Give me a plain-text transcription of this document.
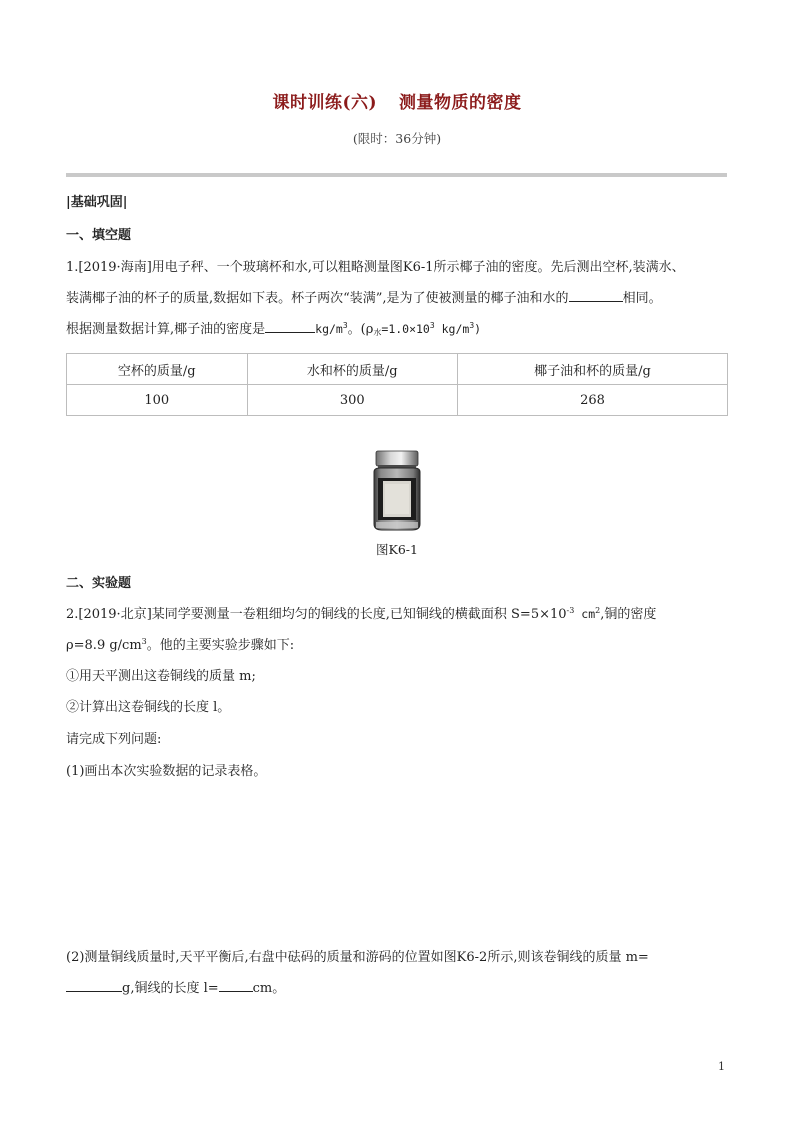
课时训练(六) 测量物质的密度
(限时：36分钟)
|基础巩固|
一、填空题
1.[2019·海南]用电子秤、一个玻璃杯和水,可以粗略测量图K6-1所示椰子油的密度。先后测出空杯,装满水、
装满椰子油的杯子的质量,数据如下表。杯子两次“装满”,是为了使被测量的椰子油和水的	相同。
根据测量数据计算,椰子油的密度是	$kg/m^3$。($\rho_水=1.0\times 10^3$ $kg/m^3$)
空杯的质量/g	水和杯的质量/g	椰子油和杯的质量/g
100	300	268
图K6-1
二、实验题
2.[2019·北京]某同学要测量一卷粗细均匀的铜线的长度,已知铜线的横截面积 $S=5\times 10^{-3}$ $cm^2$,铜的密度
ρ=8.9 $g/cm^3$。他的主要实验步骤如下:
①用天平测出这卷铜线的质量 m;
②计算出这卷铜线的长度 l。
请完成下列问题:
(1)画出本次实验数据的记录表格。
(2)测量铜线质量时,天平平衡后,右盘中砝码的质量和游码的位置如图K6-2所示,则该卷铜线的质量 m=
g,铜线的长度 l=	cm。
1
